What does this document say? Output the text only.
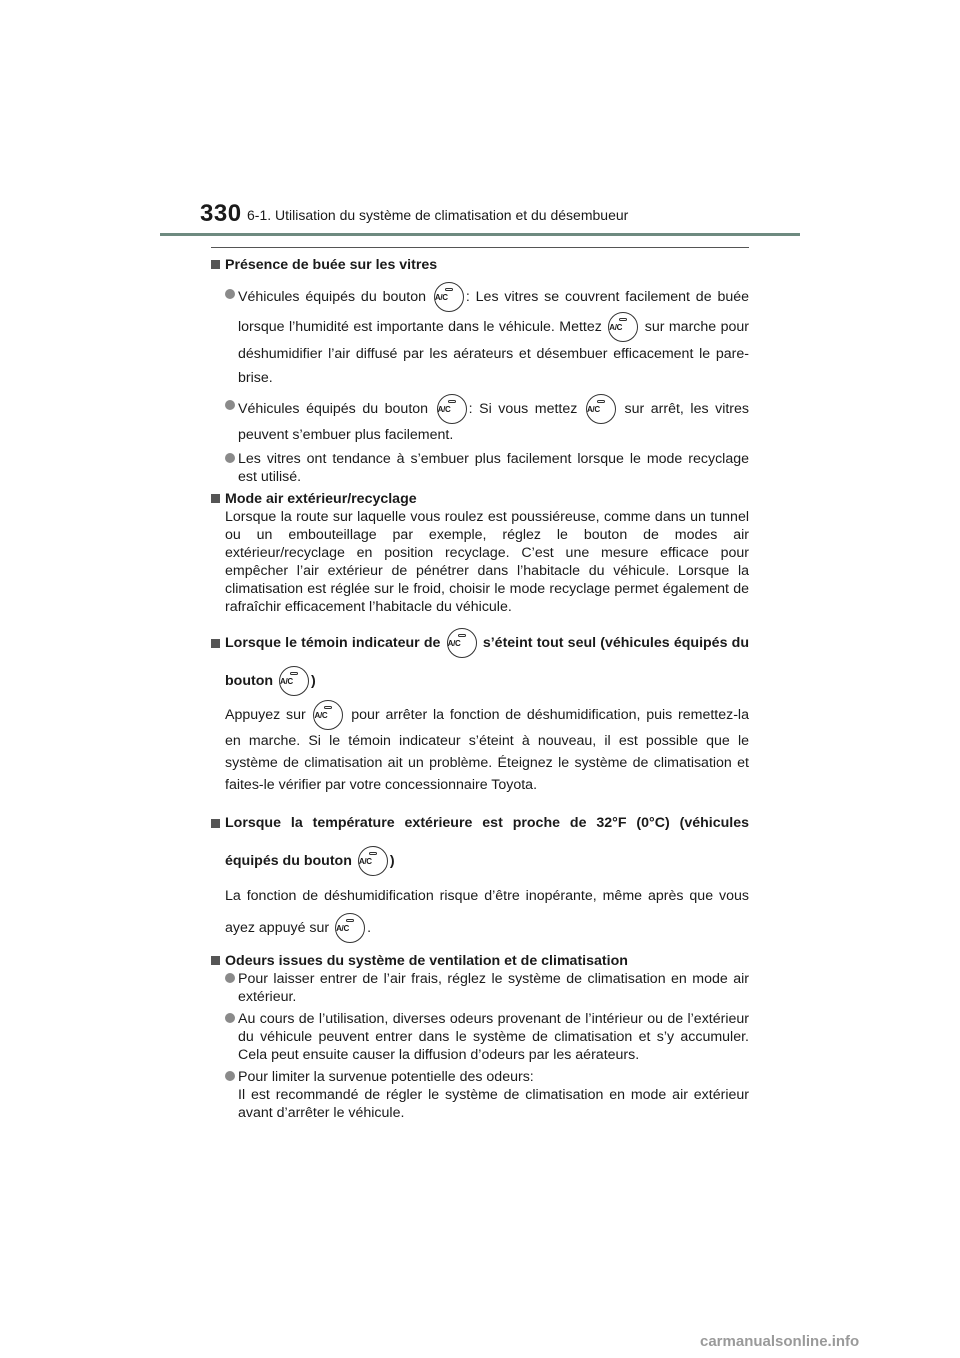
330 6-1. Utilisation du système de climatisation et du désembueur

Présence de buée sur les vitres

Véhicules équipés du bouton A/C	: Les vitres se couvrent facilement de buée lorsque l’humidité est importante dans le véhicule. Mettez A/C	sur marche pour déshumidifier l’air diffusé par les aérateurs et désembuer efficacement le pare-brise.

Véhicules équipés du bouton A/C	: Si vous mettez A/C	sur arrêt, les vitres peuvent s’embuer plus facilement.

Les vitres ont tendance à s’embuer plus facilement lorsque le mode recyclage est utilisé.

Mode air extérieur/recyclage

Lorsque la route sur laquelle vous roulez est poussiéreuse, comme dans un tunnel ou un embouteillage par exemple, réglez le bouton de modes air extérieur/recyclage en position recyclage. C’est une mesure efficace pour empêcher l’air extérieur de pénétrer dans l’habitacle du véhicule. Lorsque la climatisation est réglée sur le froid, choisir le mode recyclage permet également de rafraîchir efficacement l’habitacle du véhicule.

Lorsque le témoin indicateur de A/C	s’éteint tout seul (véhicules équipés du bouton A/C	)

Appuyez sur A/C	pour arrêter la fonction de déshumidification, puis remettez-la en marche. Si le témoin indicateur s’éteint à nouveau, il est possible que le système de climatisation ait un problème. Éteignez le système de climatisation et faites-le vérifier par votre concessionnaire Toyota.

Lorsque la température extérieure est proche de 32°F (0°C) (véhicules équipés du bouton A/C	)

La fonction de déshumidification risque d’être inopérante, même après que vous ayez appuyé sur A/C	.

Odeurs issues du système de ventilation et de climatisation

Pour laisser entrer de l’air frais, réglez le système de climatisation en mode air extérieur.

Au cours de l’utilisation, diverses odeurs provenant de l’intérieur ou de l’extérieur du véhicule peuvent entrer dans le système de climatisation et s’y accumuler. Cela peut ensuite causer la diffusion d’odeurs par les aérateurs.

Pour limiter la survenue potentielle des odeurs:
Il est recommandé de régler le système de climatisation en mode air extérieur avant d’arrêter le véhicule.

carmanualsonline.info
